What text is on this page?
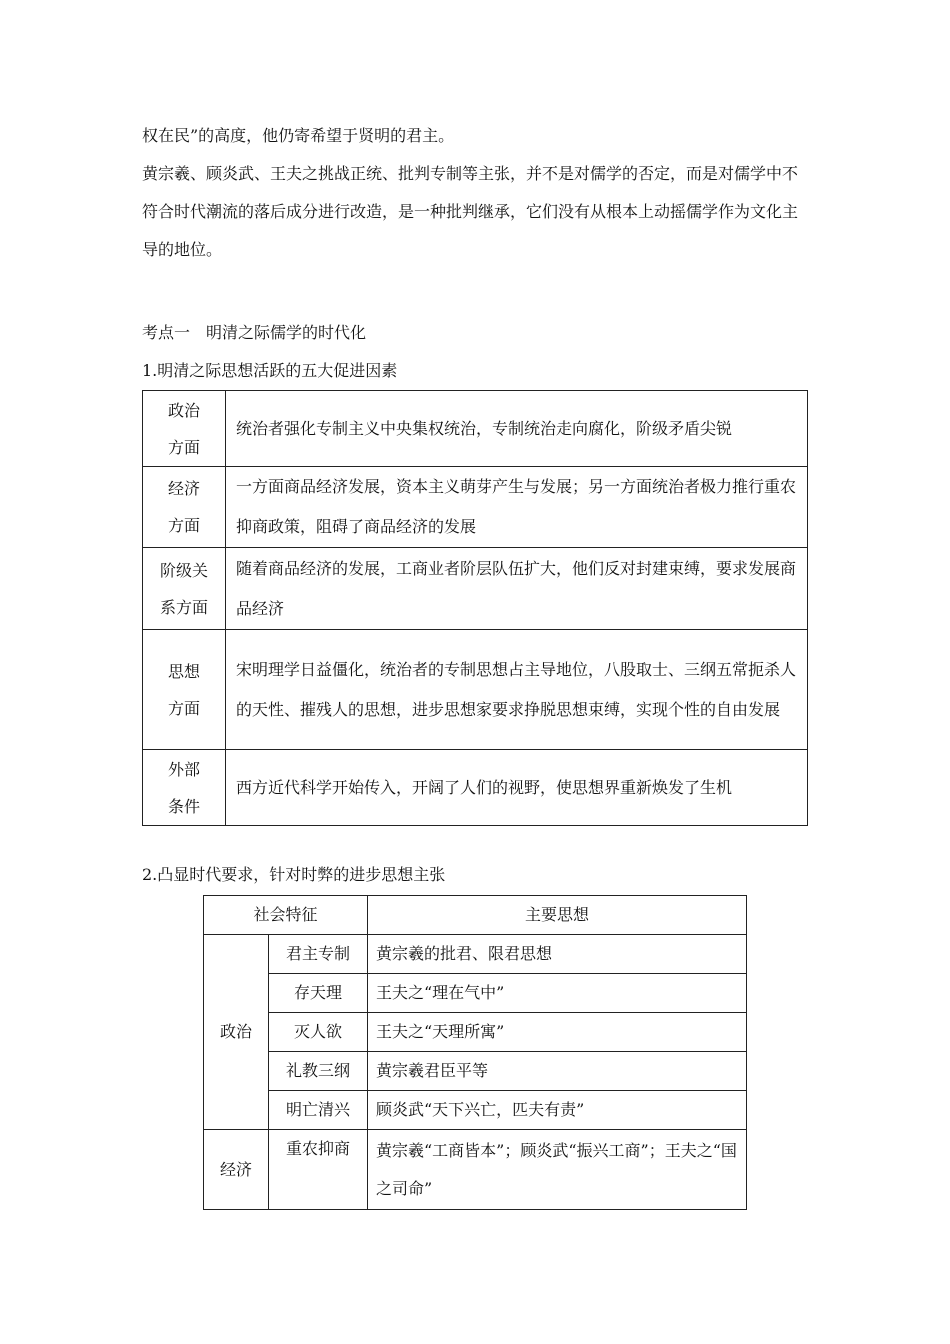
权在民”的高度，他仍寄希望于贤明的君主。

黄宗羲、顾炎武、王夫之挑战正统、批判专制等主张，并不是对儒学的否定，而是对儒学中不符合时代潮流的落后成分进行改造，是一种批判继承，它们没有从根本上动摇儒学作为文化主导的地位。

考点一　明清之际儒学的时代化

1.明清之际思想活跃的五大促进因素

政治
方面	统治者强化专制主义中央集权统治，专制统治走向腐化，阶级矛盾尖锐
经济
方面	一方面商品经济发展，资本主义萌芽产生与发展；另一方面统治者极力推行重农抑商政策，阻碍了商品经济的发展
阶级关
系方面	随着商品经济的发展，工商业者阶层队伍扩大，他们反对封建束缚，要求发展商品经济
思想
方面	宋明理学日益僵化，统治者的专制思想占主导地位，八股取士、三纲五常扼杀人的天性、摧残人的思想，进步思想家要求挣脱思想束缚，实现个性的自由发展
外部
条件	西方近代科学开始传入，开阔了人们的视野，使思想界重新焕发了生机

2.凸显时代要求，针对时弊的进步思想主张

社会特征		主要思想
政治	君主专制	黄宗羲的批君、限君思想
	存天理	王夫之“理在气中”
	灭人欲	王夫之“天理所寓”
	礼教三纲	黄宗羲君臣平等
	明亡清兴	顾炎武“天下兴亡，匹夫有责”
经济	重农抑商	黄宗羲“工商皆本”；顾炎武“振兴工商”；王夫之“国之司命”
